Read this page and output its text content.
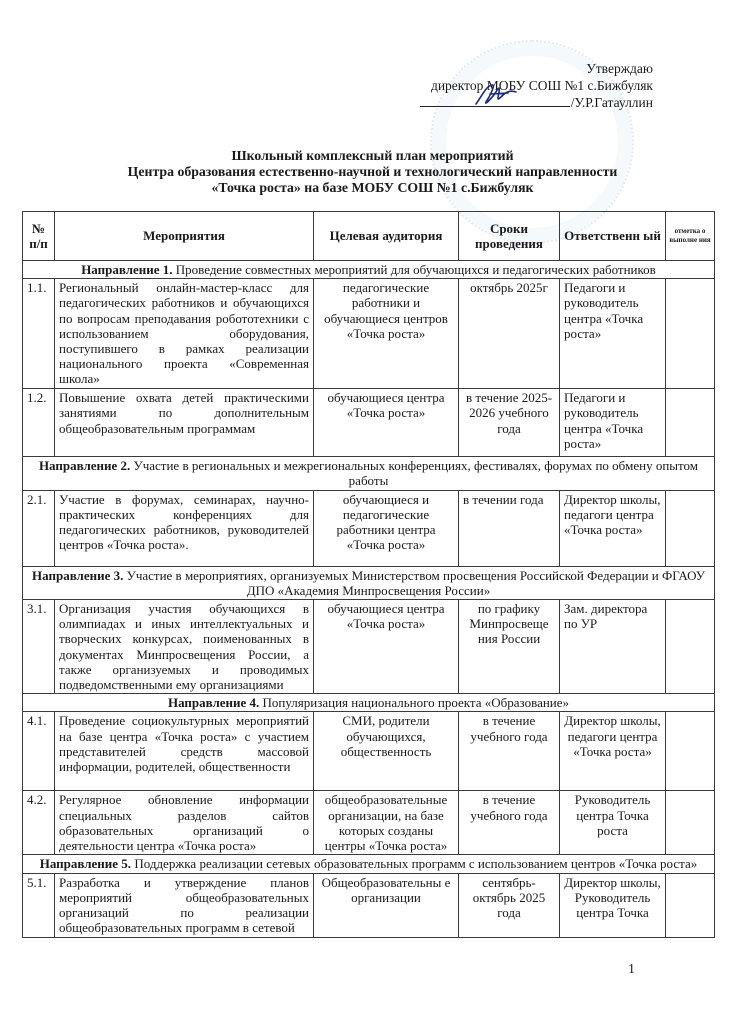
Утверждаю
директор МОБУ СОШ №1 с.Бижбуляк
/У.Р.Гатауллин
Школьный комплексный план мероприятий
Центра образования естественно-научной и технологический направленности
«Точка роста» на базе МОБУ СОШ №1 с.Бижбуляк
№ п/п	Мероприятия	Целевая аудитория	Сроки проведения	Ответственн ый	отметка о выполне ния
Направление 1. Проведение совместных мероприятий для обучающихся и педагогических работников					
1.1.	Региональный онлайн-мастер-класс для педагогических работников и обучающихся по вопросам преподавания робототехники с использованием оборудования, поступившего в рамках реализации национального проекта «Современная школа»	педагогические работники и обучающиеся центров «Точка роста»	октябрь 2025г	Педагоги и руководитель центра «Точка роста»	
1.2.	Повышение охвата детей практическими занятиями по дополнительным общеобразовательным программам	обучающиеся центра «Точка роста»	в течение 2025-2026 учебного года	Педагоги и руководитель центра «Точка роста»	
Направление 2. Участие в региональных и межрегиональных конференциях, фестивалях, форумах по обмену опытом работы					
2.1.	Участие в форумах, семинарах, научно-практических конференциях для педагогических работников, руководителей центров «Точка роста».	обучающиеся и педагогические работники центра «Точка роста»	в течении года	Директор школы, педагоги центра «Точка роста»	
Направление 3. Участие в мероприятиях, организуемых Министерством просвещения Российской Федерации и ФГАОУ ДПО «Академия Минпросвещения России»					
3.1.	Организация участия обучающихся в олимпиадах и иных интеллектуальных и творческих конкурсах, поименованных в документах Минпросвещения России, а также организуемых и проводимых подведомственными ему организациями	обучающиеся центра «Точка роста»	по графику Минпросвеще ния России	Зам. директора по УР	
Направление 4. Популяризация национального проекта «Образование»					
4.1.	Проведение социокультурных мероприятий на базе центра «Точка роста» с участием представителей средств массовой информации, родителей, общественности	СМИ, родители обучающихся, общественность	в течение учебного года	Директор школы, педагоги центра «Точка роста»	
4.2.	Регулярное обновление информации специальных разделов сайтов образовательных организаций о деятельности центра «Точка роста»	общеобразовательные организации, на базе которых созданы центры «Точка роста»	в течение учебного года	Руководитель центра Точка роста	
Направление 5. Поддержка реализации сетевых образовательных программ с использованием центров «Точка роста»					
5.1.	Разработка и утверждение планов мероприятий общеобразовательных организаций по реализации общеобразовательных программ в сетевой	Общеобразовательны е организации	сентябрь-октябрь 2025 года	Директор школы, Руководитель центра Точка	
1
